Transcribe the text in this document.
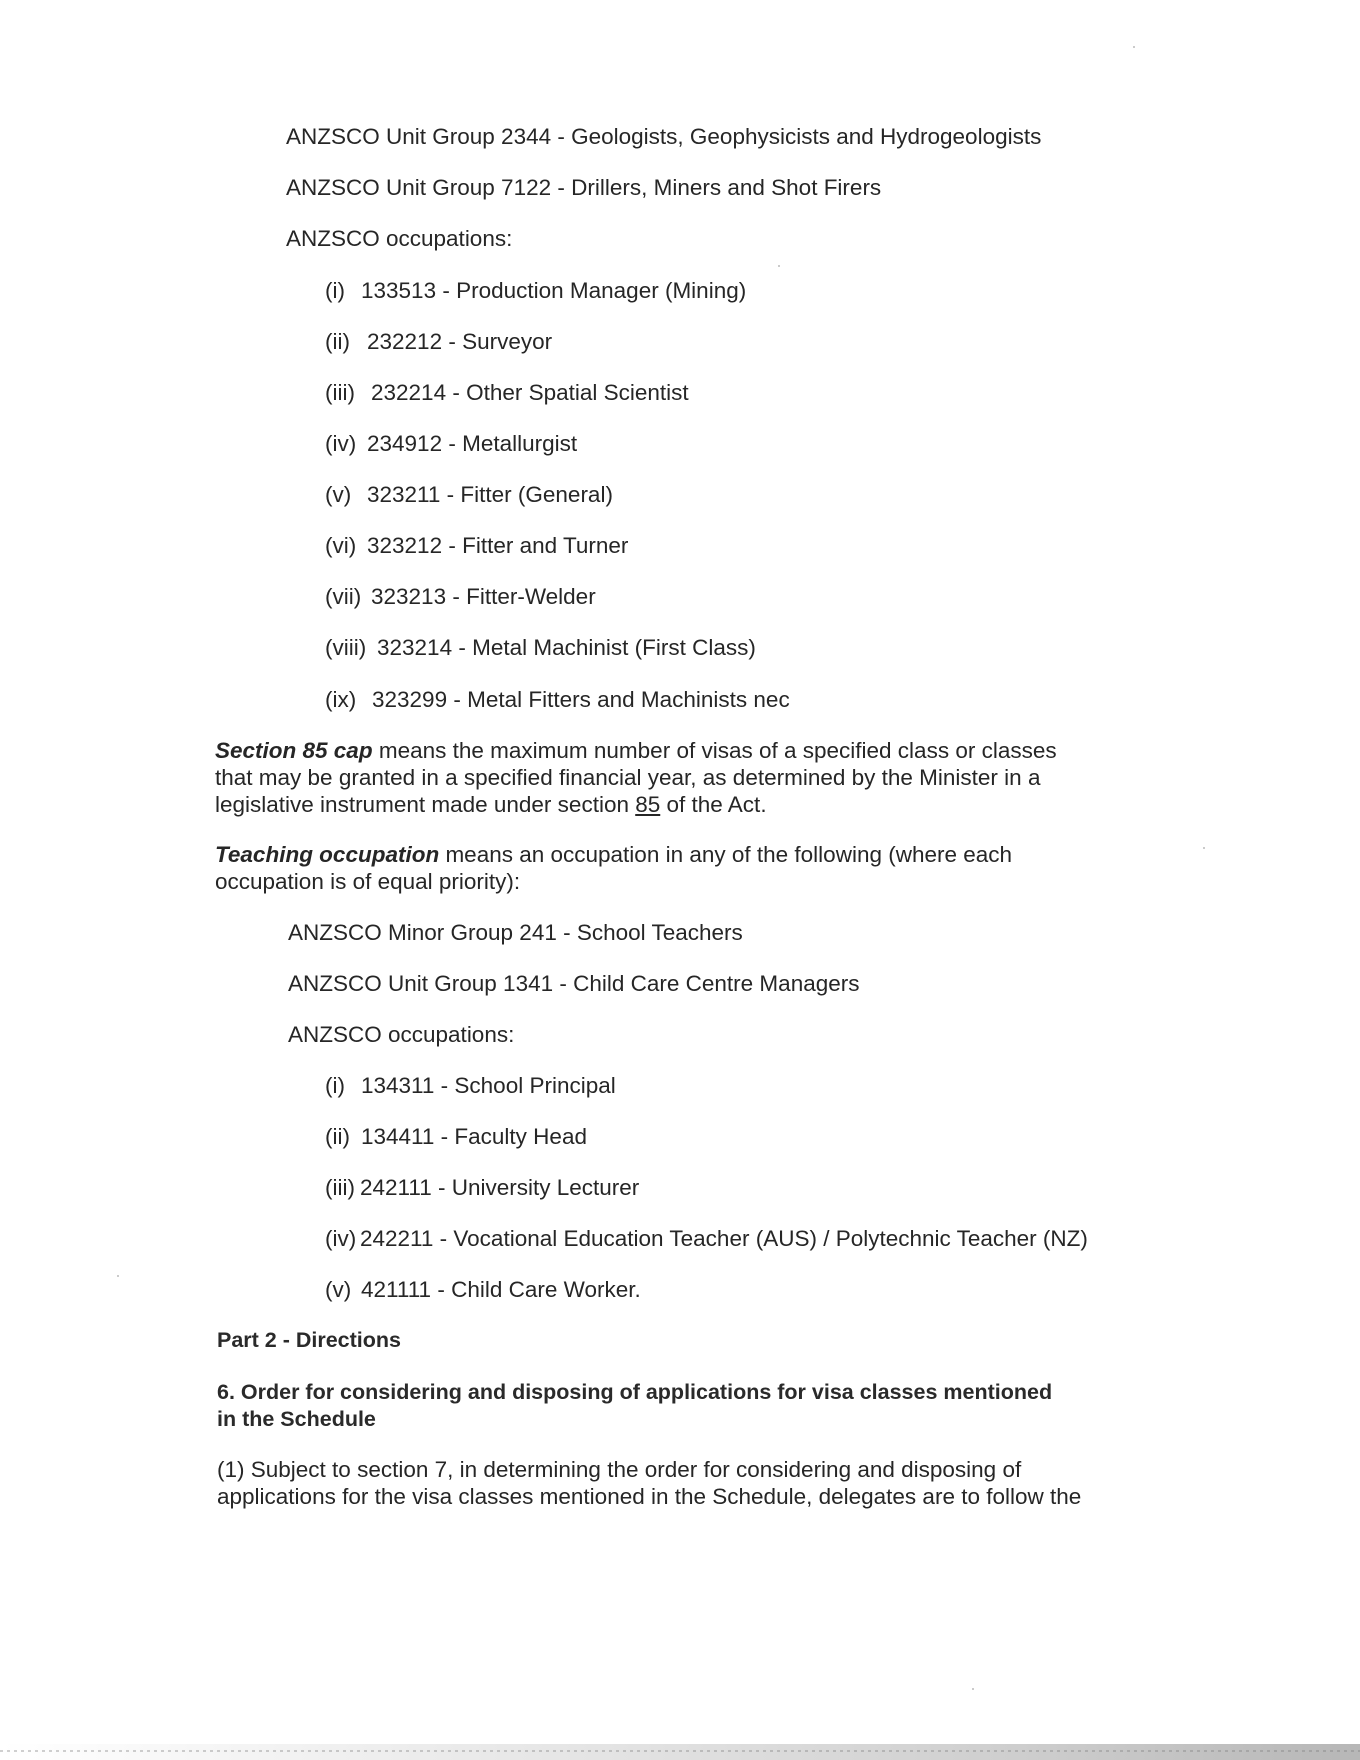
ANZSCO Unit Group 2344 - Geologists, Geophysicists and Hydrogeologists
ANZSCO Unit Group 7122 - Drillers, Miners and Shot Firers
ANZSCO occupations:
(i) 133513 - Production Manager (Mining)
(ii) 232212 - Surveyor
(iii) 232214 - Other Spatial Scientist
(iv) 234912 - Metallurgist
(v) 323211 - Fitter (General)
(vi) 323212 - Fitter and Turner
(vii) 323213 - Fitter-Welder
(viii) 323214 - Metal Machinist (First Class)
(ix) 323299 - Metal Fitters and Machinists nec
Section 85 cap means the maximum number of visas of a specified class or classes
that may be granted in a specified financial year, as determined by the Minister in a
legislative instrument made under section 85 of the Act.
Teaching occupation means an occupation in any of the following (where each
occupation is of equal priority):
ANZSCO Minor Group 241 - School Teachers
ANZSCO Unit Group 1341 - Child Care Centre Managers
ANZSCO occupations:
(i) 134311 - School Principal
(ii) 134411 - Faculty Head
(iii) 242111 - University Lecturer
(iv) 242211 - Vocational Education Teacher (AUS) / Polytechnic Teacher (NZ)
(v) 421111 - Child Care Worker.
Part 2 - Directions
6. Order for considering and disposing of applications for visa classes mentioned
in the Schedule
(1) Subject to section 7, in determining the order for considering and disposing of
applications for the visa classes mentioned in the Schedule, delegates are to follow the
